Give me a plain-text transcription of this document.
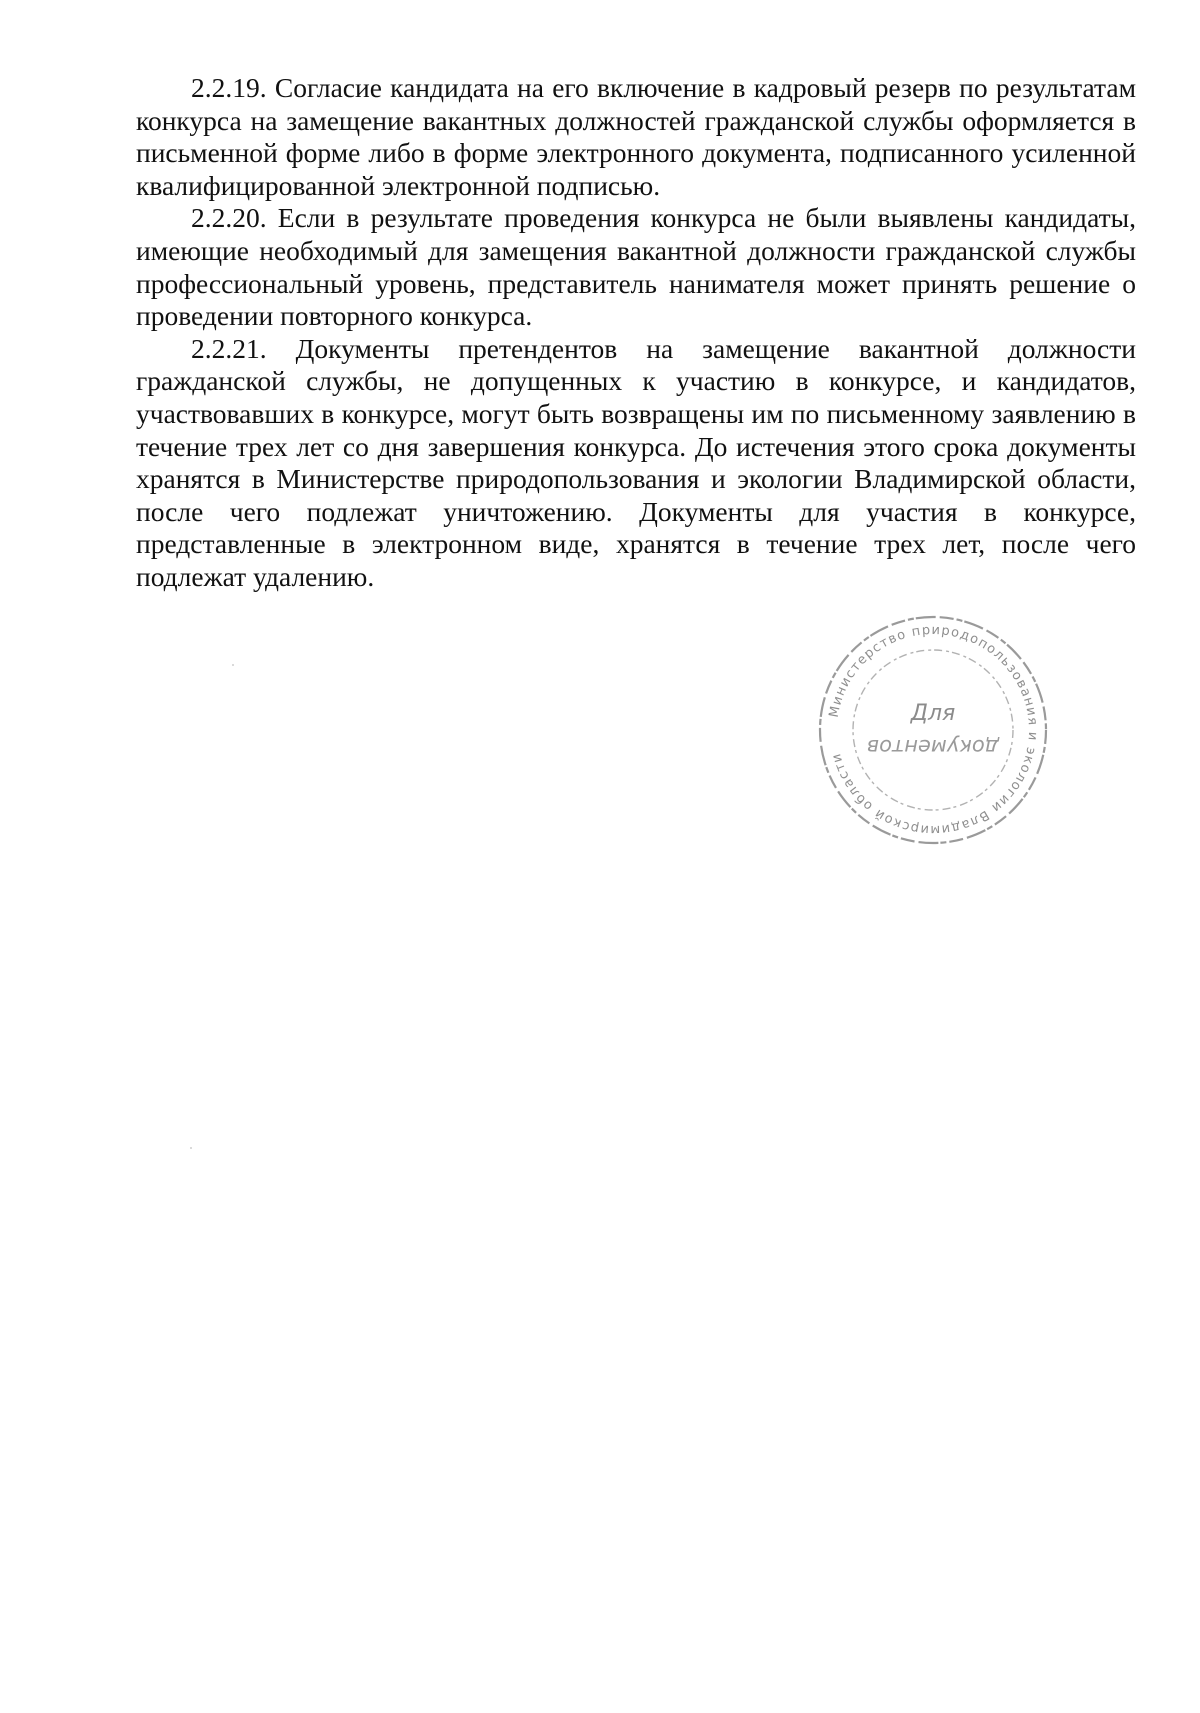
2.2.19. Согласие кандидата на его включение в кадровый резерв по результатам конкурса на замещение вакантных должностей гражданской службы оформляется в письменной форме либо в форме электронного документа, подписанного усиленной квалифицированной электронной подписью.

2.2.20. Если в результате проведения конкурса не были выявлены кандидаты, имеющие необходимый для замещения вакантной должности гражданской службы профессиональный уровень, представитель нанимателя может принять решение о проведении повторного конкурса.

2.2.21. Документы претендентов на замещение вакантной должности гражданской службы, не допущенных к участию в конкурсе, и кандидатов, участвовавших в конкурсе, могут быть возвращены им по письменному заявлению в течение трех лет со дня завершения конкурса. До истечения этого срока документы хранятся в Министерстве природопользования и экологии Владимирской области, после чего подлежат уничтожению. Документы для участия в конкурсе, представленные в электронном виде, хранятся в течение трех лет, после чего подлежат удалению.

Министерство природопользования и экологии Владимирской области
Для
документов
